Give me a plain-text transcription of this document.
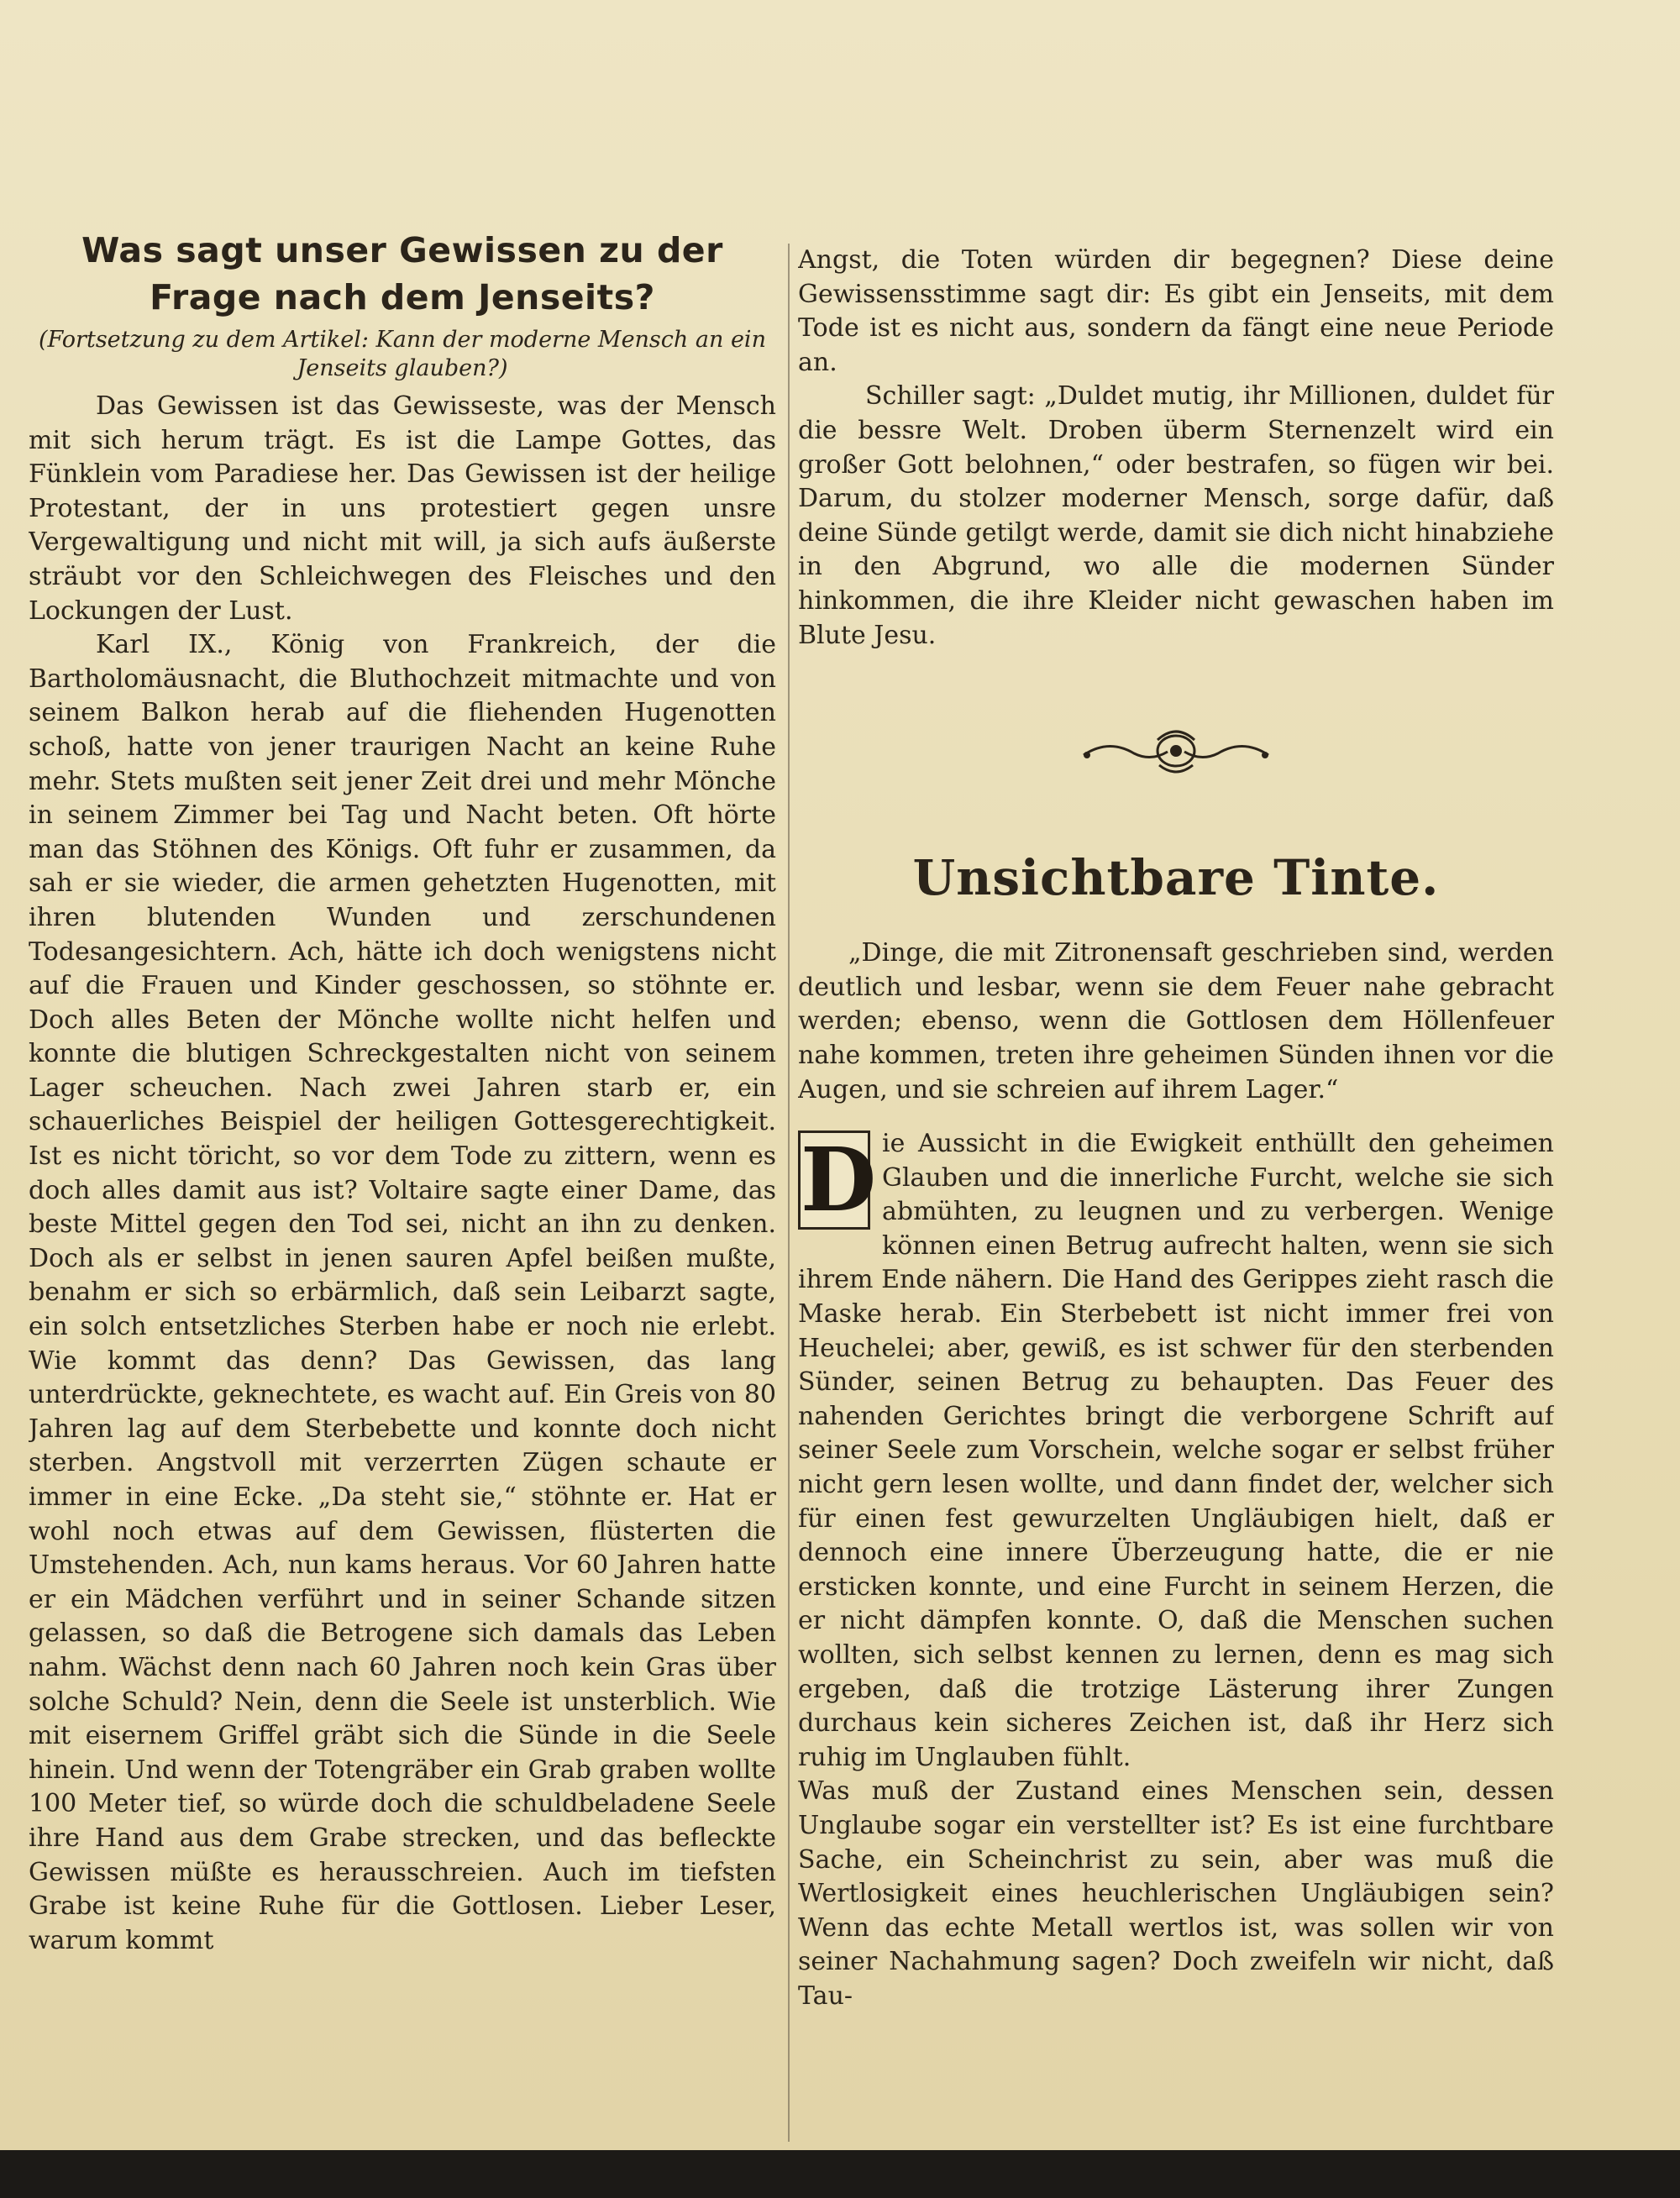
Was sagt unser Gewissen zu der Frage nach dem Jenseits?
(Fortsetzung zu dem Artikel: Kann der moderne Mensch an ein Jenseits glauben?)

Das Gewissen ist das Gewisseste, was der Mensch mit sich herum trägt. Es ist die Lampe Gottes, das Fünklein vom Paradiese her. Das Gewissen ist der heilige Protestant, der in uns protestiert gegen unsre Vergewaltigung und nicht mit will, ja sich aufs äußerste sträubt vor den Schleichwegen des Fleisches und den Lockungen der Lust.

Karl IX., König von Frankreich, der die Bartholomäusnacht, die Bluthochzeit mitmachte und von seinem Balkon herab auf die fliehenden Hugenotten schoß, hatte von jener traurigen Nacht an keine Ruhe mehr. Stets mußten seit jener Zeit drei und mehr Mönche in seinem Zimmer bei Tag und Nacht beten. Oft hörte man das Stöhnen des Königs. Oft fuhr er zusammen, da sah er sie wieder, die armen gehetzten Hugenotten, mit ihren blutenden Wunden und zerschundenen Todesangesichtern. Ach, hätte ich doch wenigstens nicht auf die Frauen und Kinder geschossen, so stöhnte er. Doch alles Beten der Mönche wollte nicht helfen und konnte die blutigen Schreckgestalten nicht von seinem Lager scheuchen. Nach zwei Jahren starb er, ein schauerliches Beispiel der heiligen Gottesgerechtigkeit. Ist es nicht töricht, so vor dem Tode zu zittern, wenn es doch alles damit aus ist? Voltaire sagte einer Dame, das beste Mittel gegen den Tod sei, nicht an ihn zu denken. Doch als er selbst in jenen sauren Apfel beißen mußte, benahm er sich so erbärmlich, daß sein Leibarzt sagte, ein solch entsetzliches Sterben habe er noch nie erlebt. Wie kommt das denn? Das Gewissen, das lang unterdrückte, geknechtete, es wacht auf. Ein Greis von 80 Jahren lag auf dem Sterbebette und konnte doch nicht sterben. Angstvoll mit verzerrten Zügen schaute er immer in eine Ecke. „Da steht sie,“ stöhnte er. Hat er wohl noch etwas auf dem Gewissen, flüsterten die Umstehenden. Ach, nun kams heraus. Vor 60 Jahren hatte er ein Mädchen verführt und in seiner Schande sitzen gelassen, so daß die Betrogene sich damals das Leben nahm. Wächst denn nach 60 Jahren noch kein Gras über solche Schuld? Nein, denn die Seele ist unsterblich. Wie mit eisernem Griffel gräbt sich die Sünde in die Seele hinein. Und wenn der Totengräber ein Grab graben wollte 100 Meter tief, so würde doch die schuldbeladene Seele ihre Hand aus dem Grabe strecken, und das befleckte Gewissen müßte es herausschreien. Auch im tiefsten Grabe ist keine Ruhe für die Gottlosen. Lieber Leser, warum kommt

Angst, die Toten würden dir begegnen? Diese deine Gewissensstimme sagt dir: Es gibt ein Jenseits, mit dem Tode ist es nicht aus, sondern da fängt eine neue Periode an.

Schiller sagt: „Duldet mutig, ihr Millionen, duldet für die bessre Welt. Droben überm Sternenzelt wird ein großer Gott belohnen,“ oder bestrafen, so fügen wir bei. Darum, du stolzer moderner Mensch, sorge dafür, daß deine Sünde getilgt werde, damit sie dich nicht hinabziehe in den Abgrund, wo alle die modernen Sünder hinkommen, die ihre Kleider nicht gewaschen haben im Blute Jesu.

Unsichtbare Tinte.
„Dinge, die mit Zitronensaft geschrieben sind, werden deutlich und lesbar, wenn sie dem Feuer nahe gebracht werden; ebenso, wenn die Gottlosen dem Höllenfeuer nahe kommen, treten ihre geheimen Sünden ihnen vor die Augen, und sie schreien auf ihrem Lager.“
D ie Aussicht in die Ewigkeit enthüllt den geheimen Glauben und die innerliche Furcht, welche sie sich abmühten, zu leugnen und zu verbergen. Wenige können einen Betrug aufrecht halten, wenn sie sich ihrem Ende nähern. Die Hand des Gerippes zieht rasch die Maske herab. Ein Sterbebett ist nicht immer frei von Heuchelei; aber, gewiß, es ist schwer für den sterbenden Sünder, seinen Betrug zu behaupten. Das Feuer des nahenden Gerichtes bringt die verborgene Schrift auf seiner Seele zum Vorschein, welche sogar er selbst früher nicht gern lesen wollte, und dann findet der, welcher sich für einen fest gewurzelten Ungläubigen hielt, daß er dennoch eine innere Überzeugung hatte, die er nie ersticken konnte, und eine Furcht in seinem Herzen, die er nicht dämpfen konnte. O, daß die Menschen suchen wollten, sich selbst kennen zu lernen, denn es mag sich ergeben, daß die trotzige Lästerung ihrer Zungen durchaus kein sicheres Zeichen ist, daß ihr Herz sich ruhig im Unglauben fühlt.

Was muß der Zustand eines Menschen sein, dessen Unglaube sogar ein verstellter ist? Es ist eine furchtbare Sache, ein Scheinchrist zu sein, aber was muß die Wertlosigkeit eines heuchlerischen Ungläubigen sein? Wenn das echte Metall wertlos ist, was sollen wir von seiner Nachahmung sagen? Doch zweifeln wir nicht, daß Tau-
